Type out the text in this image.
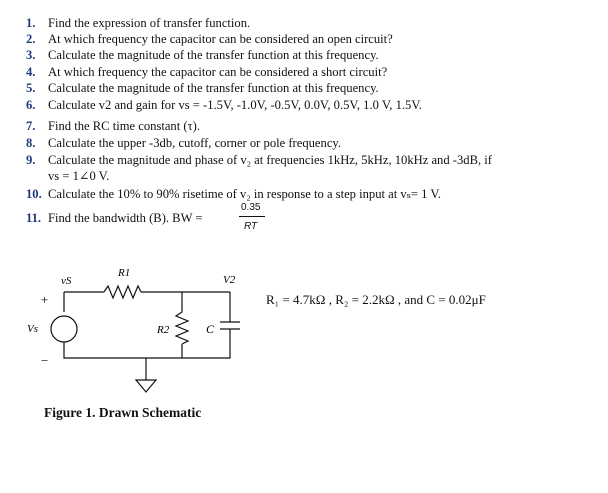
1. Find the expression of transfer function.
2. At which frequency the capacitor can be considered an open circuit?
3. Calculate the magnitude of the transfer function at this frequency.
4. At which frequency the capacitor can be considered a short circuit?
5. Calculate the magnitude of the transfer function at this frequency.
6. Calculate v2 and gain for vs = -1.5V, -1.0V, -0.5V, 0.0V, 0.5V, 1.0 V, 1.5V.
7. Find the RC time constant (τ).
8. Calculate the upper -3db, cutoff, corner or pole frequency.
9. Calculate the magnitude and phase of v₂ at frequencies 1kHz, 5kHz, 10kHz and -3dB, if
vs = 1∠0 V.
10. Calculate the 10% to 90% risetime of v₂ in response to a step input at vₛ= 1 V.
11. Find the bandwidth (B). BW =
0.35
RT
vS
R1
V2
+
−
Vs	R2	C
R₁ = 4.7kΩ , R₂ = 2.2kΩ , and C = 0.02μF
Figure 1. Drawn Schematic
